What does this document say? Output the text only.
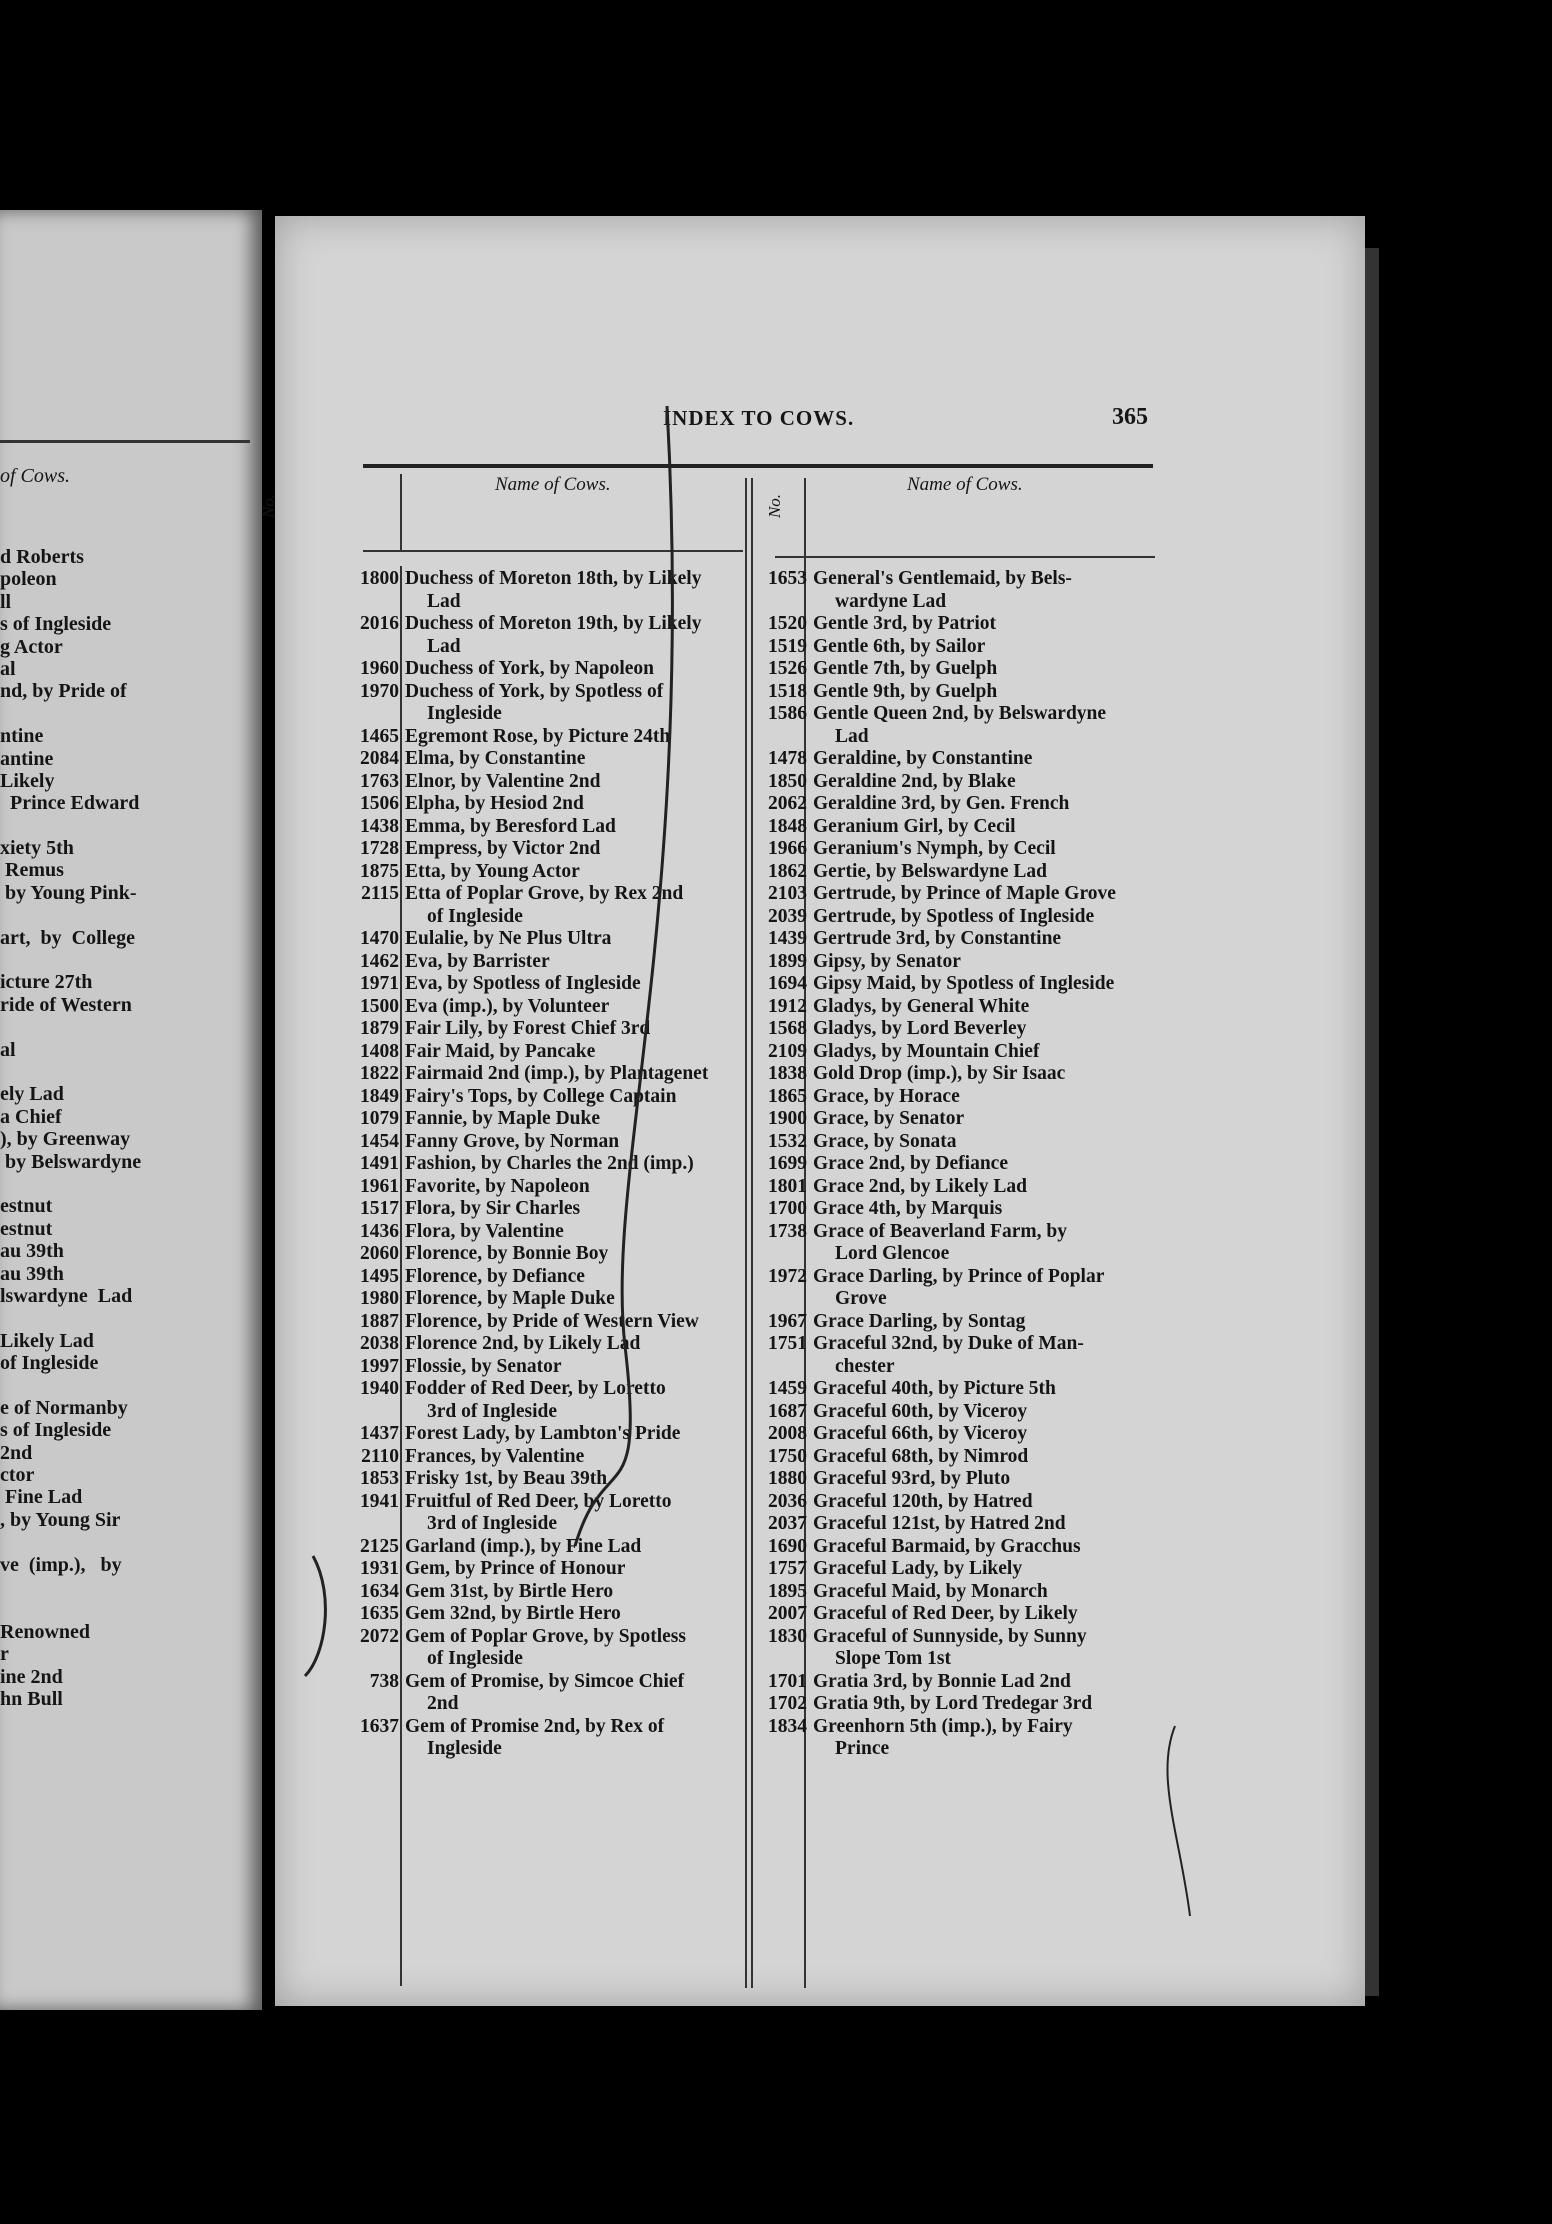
of Cows.
d Roberts
poleon
ll
s of Ingleside
g Actor
al
nd, by Pride of
ntine
antine
Likely
Prince Edward
xiety 5th
Remus
by Young Pink-
art,  by  College
icture 27th
ride of Western
al
ely Lad
a Chief
), by Greenway
by Belswardyne
estnut
estnut
au 39th
au 39th
lswardyne  Lad
Likely Lad
of Ingleside
e of Normanby
s of Ingleside
2nd
ctor
Fine Lad
, by Young Sir
ve  (imp.),   by
Renowned
r
ine 2nd
hn Bull
INDEX TO COWS.	365
No.
Name of Cows.
No.
Name of Cows.
1800 Duchess of Moreton 18th, by Likely
Lad
2016 Duchess of Moreton 19th, by Likely
Lad
1960 Duchess of York, by Napoleon
1970 Duchess of York, by Spotless of
Ingleside
1465 Egremont Rose, by Picture 24th
2084 Elma, by Constantine
1763 Elnor, by Valentine 2nd
1506 Elpha, by Hesiod 2nd
1438 Emma, by Beresford Lad
1728 Empress, by Victor 2nd
1875 Etta, by Young Actor
2115 Etta of Poplar Grove, by Rex 2nd
of Ingleside
1470 Eulalie, by Ne Plus Ultra
1462 Eva, by Barrister
1971 Eva, by Spotless of Ingleside
1500 Eva (imp.), by Volunteer
1879 Fair Lily, by Forest Chief 3rd
1408 Fair Maid, by Pancake
1822 Fairmaid 2nd (imp.), by Plantagenet
1849 Fairy's Tops, by College Captain
1079 Fannie, by Maple Duke
1454 Fanny Grove, by Norman
1491 Fashion, by Charles the 2nd (imp.)
1961 Favorite, by Napoleon
1517 Flora, by Sir Charles
1436 Flora, by Valentine
2060 Florence, by Bonnie Boy
1495 Florence, by Defiance
1980 Florence, by Maple Duke
1887 Florence, by Pride of Western View
2038 Florence 2nd, by Likely Lad
1997 Flossie, by Senator
1940 Fodder of Red Deer, by Loretto
3rd of Ingleside
1437 Forest Lady, by Lambton's Pride
2110 Frances, by Valentine
1853 Frisky 1st, by Beau 39th
1941 Fruitful of Red Deer, by Loretto
3rd of Ingleside
2125 Garland (imp.), by Fine Lad
1931 Gem, by Prince of Honour
1634 Gem 31st, by Birtle Hero
1635 Gem 32nd, by Birtle Hero
2072 Gem of Poplar Grove, by Spotless
of Ingleside
738 Gem of Promise, by Simcoe Chief
2nd
1637 Gem of Promise 2nd, by Rex of
Ingleside
1653 General's Gentlemaid, by Bels-
wardyne Lad
1520 Gentle 3rd, by Patriot
1519 Gentle 6th, by Sailor
1526 Gentle 7th, by Guelph
1518 Gentle 9th, by Guelph
1586 Gentle Queen 2nd, by Belswardyne
Lad
1478 Geraldine, by Constantine
1850 Geraldine 2nd, by Blake
2062 Geraldine 3rd, by Gen. French
1848 Geranium Girl, by Cecil
1966 Geranium's Nymph, by Cecil
1862 Gertie, by Belswardyne Lad
2103 Gertrude, by Prince of Maple Grove
2039 Gertrude, by Spotless of Ingleside
1439 Gertrude 3rd, by Constantine
1899 Gipsy, by Senator
1694 Gipsy Maid, by Spotless of Ingleside
1912 Gladys, by General White
1568 Gladys, by Lord Beverley
2109 Gladys, by Mountain Chief
1838 Gold Drop (imp.), by Sir Isaac
1865 Grace, by Horace
1900 Grace, by Senator
1532 Grace, by Sonata
1699 Grace 2nd, by Defiance
1801 Grace 2nd, by Likely Lad
1700 Grace 4th, by Marquis
1738 Grace of Beaverland Farm, by
Lord Glencoe
1972 Grace Darling, by Prince of Poplar
Grove
1967 Grace Darling, by Sontag
1751 Graceful 32nd, by Duke of Man-
chester
1459 Graceful 40th, by Picture 5th
1687 Graceful 60th, by Viceroy
2008 Graceful 66th, by Viceroy
1750 Graceful 68th, by Nimrod
1880 Graceful 93rd, by Pluto
2036 Graceful 120th, by Hatred
2037 Graceful 121st, by Hatred 2nd
1690 Graceful Barmaid, by Gracchus
1757 Graceful Lady, by Likely
1895 Graceful Maid, by Monarch
2007 Graceful of Red Deer, by Likely
1830 Graceful of Sunnyside, by Sunny
Slope Tom 1st
1701 Gratia 3rd, by Bonnie Lad 2nd
1702 Gratia 9th, by Lord Tredegar 3rd
1834 Greenhorn 5th (imp.), by Fairy
Prince
